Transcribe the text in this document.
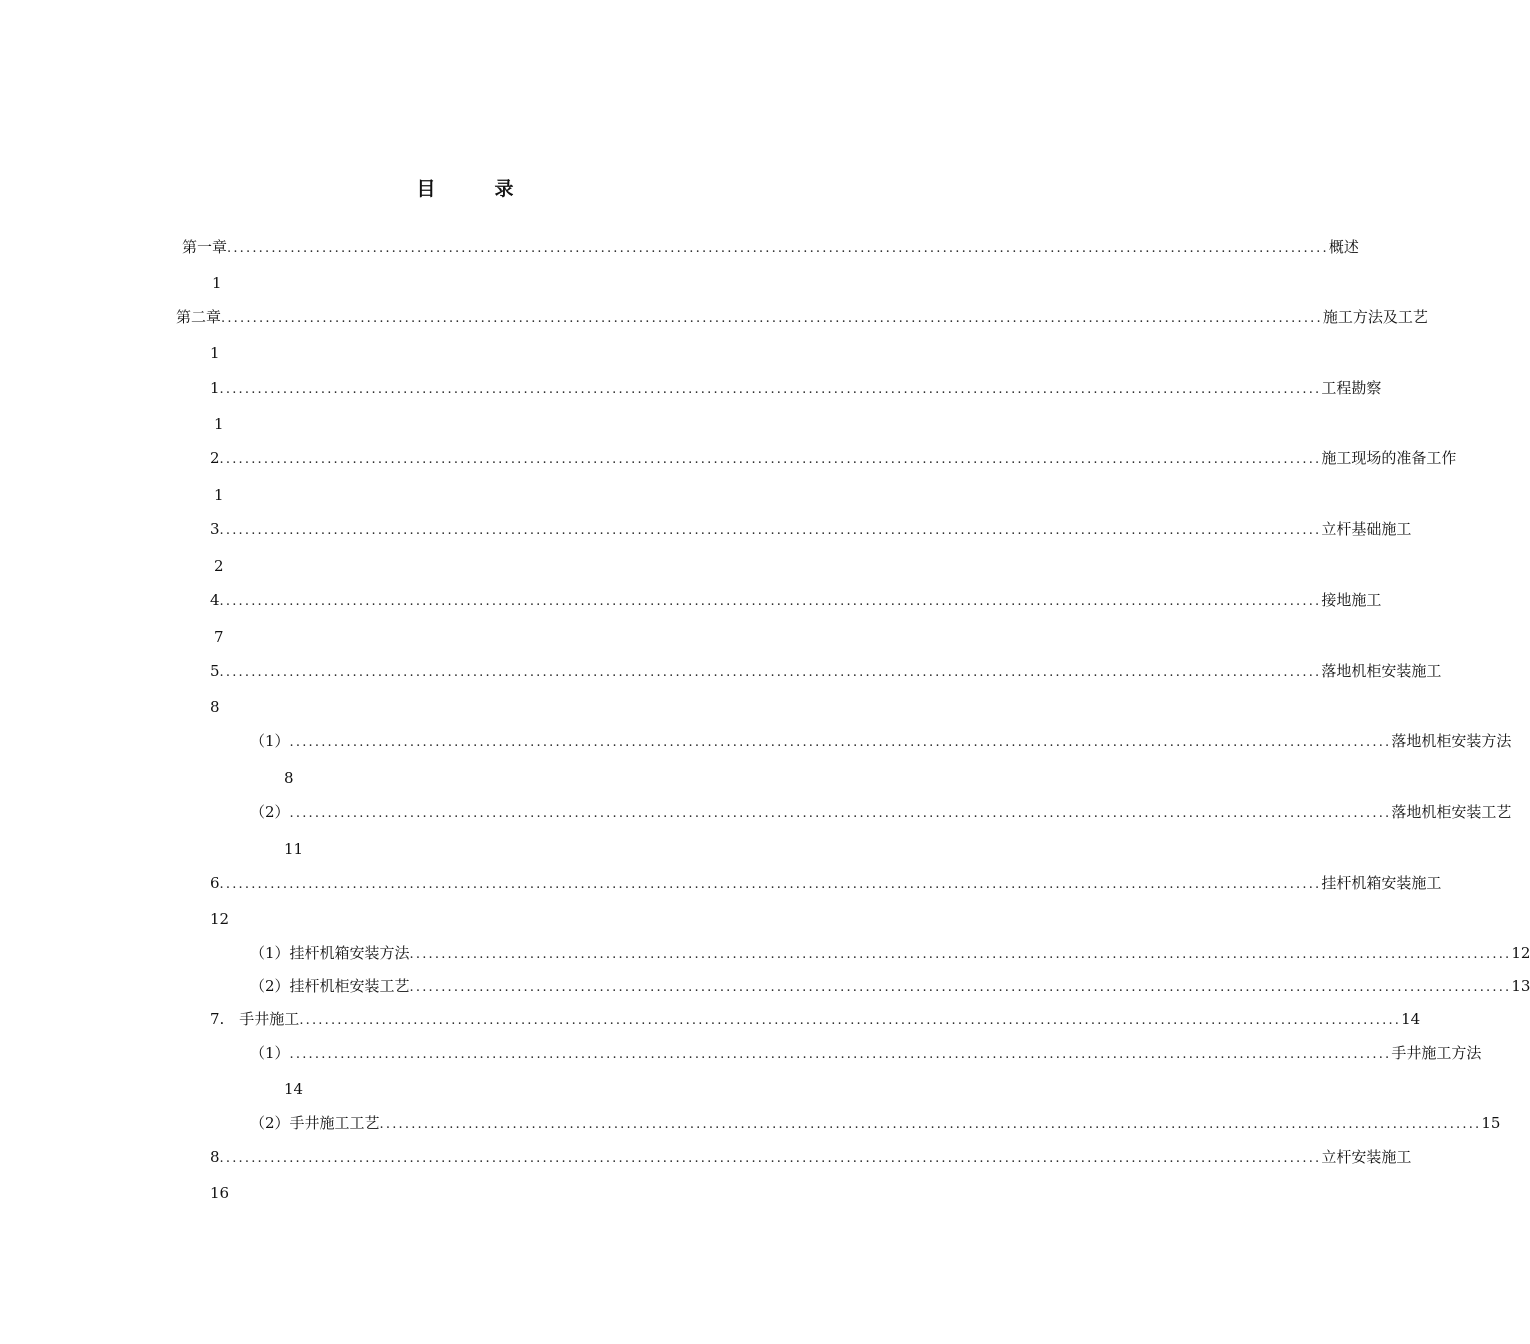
目　录
第一章 .............................................................................................................................................................................. 概述
1
第二章 .............................................................................................................................................................................. 施工方法及工艺
1
1 .............................................................................................................................................................................. 工程勘察
1
2 .............................................................................................................................................................................. 施工现场的准备工作
1
3 .............................................................................................................................................................................. 立杆基础施工
2
4 .............................................................................................................................................................................. 接地施工
7
5 .............................................................................................................................................................................. 落地机柜安装施工
8
（1） .............................................................................................................................................................................. 落地机柜安装方法
8
（2） .............................................................................................................................................................................. 落地机柜安装工艺
11
6 .............................................................................................................................................................................. 挂杆机箱安装施工
12
（1）挂杆机箱安装方法 .............................................................................................................................................................................. 12
（2）挂杆机柜安装工艺 .............................................................................................................................................................................. 13
7.　手井施工 .............................................................................................................................................................................. 14
（1） .............................................................................................................................................................................. 手井施工方法
14
（2）手井施工工艺 .............................................................................................................................................................................. 15
8 .............................................................................................................................................................................. 立杆安装施工
16
